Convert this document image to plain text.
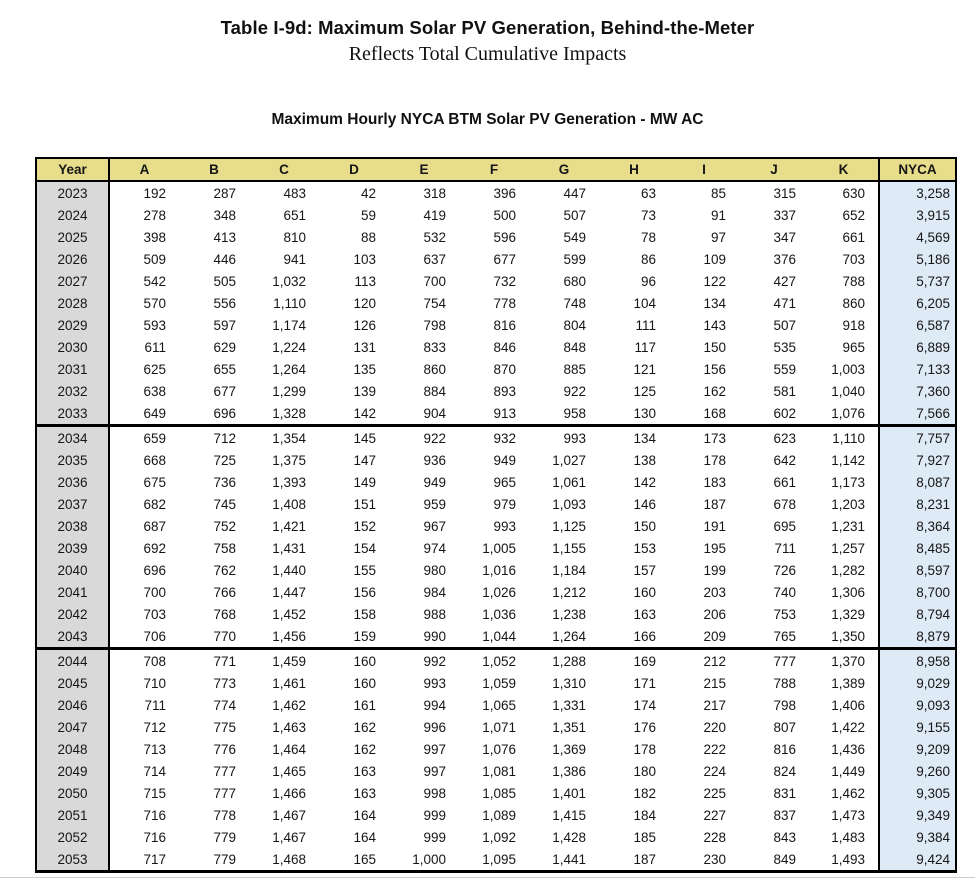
Table I-9d: Maximum Solar PV Generation, Behind-the-Meter
Reflects Total Cumulative Impacts
Maximum Hourly NYCA BTM Solar PV Generation - MW AC
Year	A	B	C	D	E	F	G	H	I	J	K	NYCA
2023	192	287	483	42	318	396	447	63	85	315	630	3,258
2024	278	348	651	59	419	500	507	73	91	337	652	3,915
2025	398	413	810	88	532	596	549	78	97	347	661	4,569
2026	509	446	941	103	637	677	599	86	109	376	703	5,186
2027	542	505	1,032	113	700	732	680	96	122	427	788	5,737
2028	570	556	1,110	120	754	778	748	104	134	471	860	6,205
2029	593	597	1,174	126	798	816	804	111	143	507	918	6,587
2030	611	629	1,224	131	833	846	848	117	150	535	965	6,889
2031	625	655	1,264	135	860	870	885	121	156	559	1,003	7,133
2032	638	677	1,299	139	884	893	922	125	162	581	1,040	7,360
2033	649	696	1,328	142	904	913	958	130	168	602	1,076	7,566
2034	659	712	1,354	145	922	932	993	134	173	623	1,110	7,757
2035	668	725	1,375	147	936	949	1,027	138	178	642	1,142	7,927
2036	675	736	1,393	149	949	965	1,061	142	183	661	1,173	8,087
2037	682	745	1,408	151	959	979	1,093	146	187	678	1,203	8,231
2038	687	752	1,421	152	967	993	1,125	150	191	695	1,231	8,364
2039	692	758	1,431	154	974	1,005	1,155	153	195	711	1,257	8,485
2040	696	762	1,440	155	980	1,016	1,184	157	199	726	1,282	8,597
2041	700	766	1,447	156	984	1,026	1,212	160	203	740	1,306	8,700
2042	703	768	1,452	158	988	1,036	1,238	163	206	753	1,329	8,794
2043	706	770	1,456	159	990	1,044	1,264	166	209	765	1,350	8,879
2044	708	771	1,459	160	992	1,052	1,288	169	212	777	1,370	8,958
2045	710	773	1,461	160	993	1,059	1,310	171	215	788	1,389	9,029
2046	711	774	1,462	161	994	1,065	1,331	174	217	798	1,406	9,093
2047	712	775	1,463	162	996	1,071	1,351	176	220	807	1,422	9,155
2048	713	776	1,464	162	997	1,076	1,369	178	222	816	1,436	9,209
2049	714	777	1,465	163	997	1,081	1,386	180	224	824	1,449	9,260
2050	715	777	1,466	163	998	1,085	1,401	182	225	831	1,462	9,305
2051	716	778	1,467	164	999	1,089	1,415	184	227	837	1,473	9,349
2052	716	779	1,467	164	999	1,092	1,428	185	228	843	1,483	9,384
2053	717	779	1,468	165	1,000	1,095	1,441	187	230	849	1,493	9,424
